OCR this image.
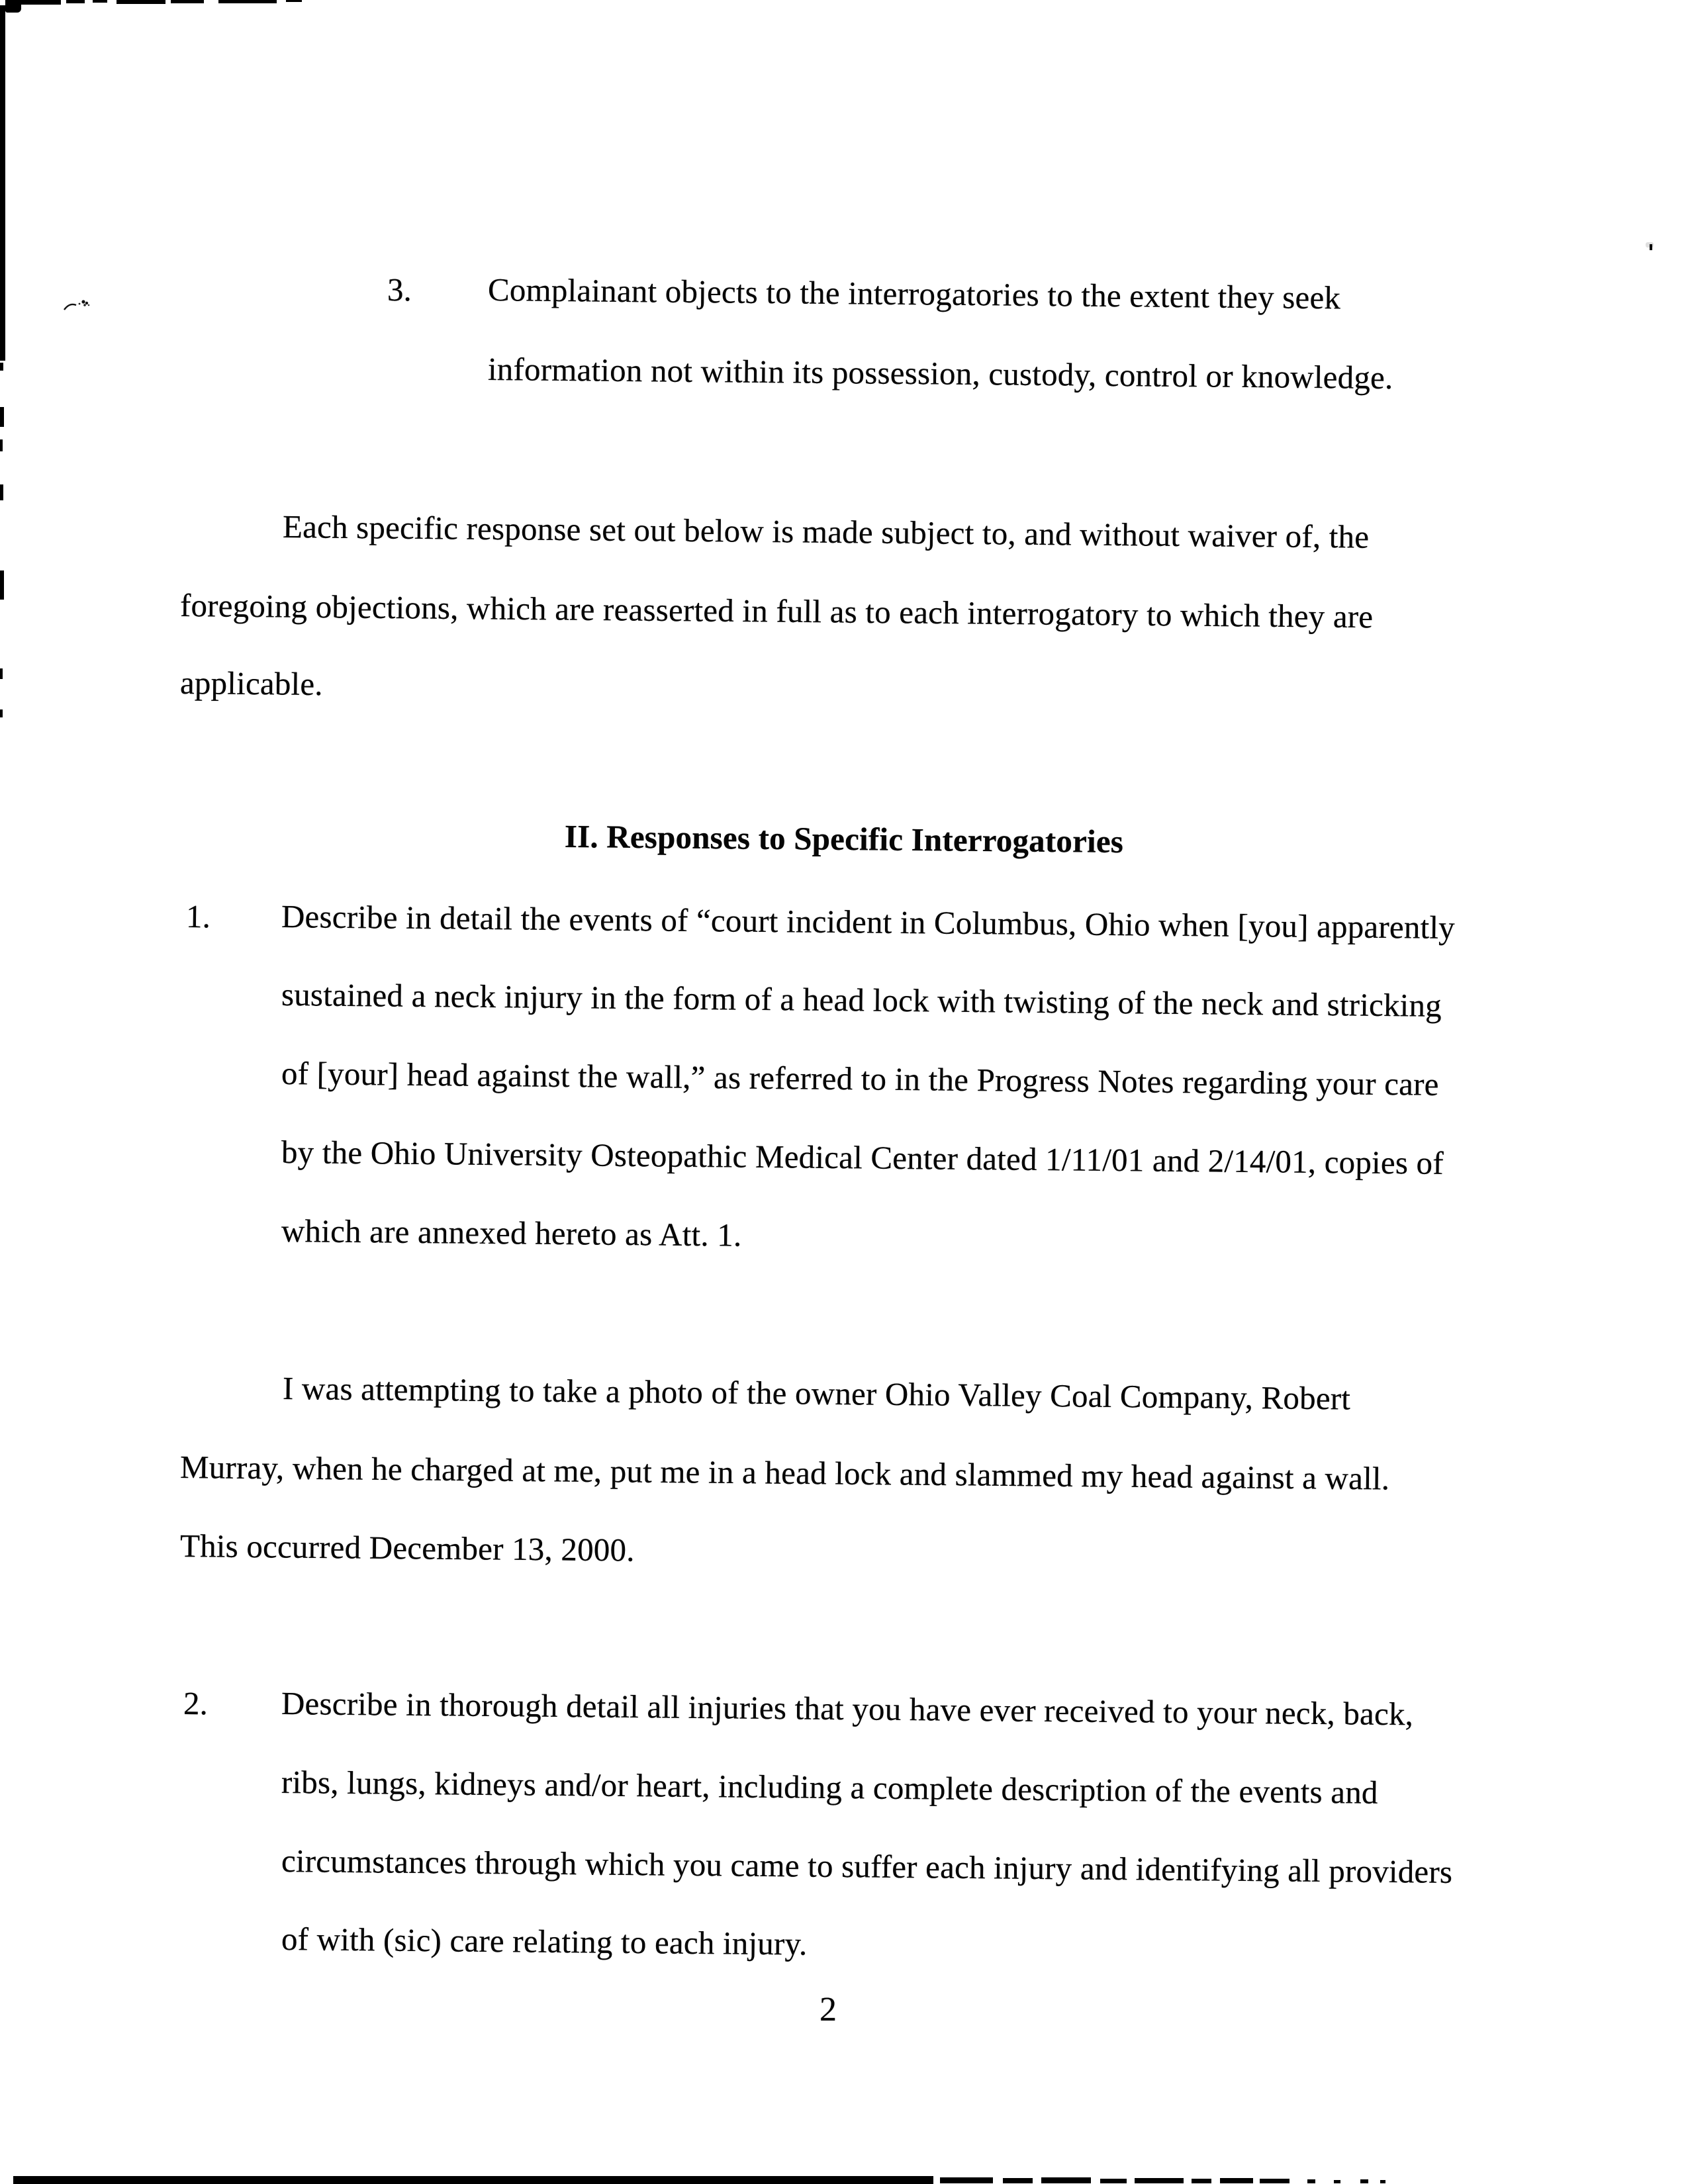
3. Complainant objects to the interrogatories to the extent they seek
information not within its possession, custody, control or knowledge.
Each specific response set out below is made subject to, and without waiver of, the
foregoing objections, which are reasserted in full as to each interrogatory to which they are
applicable.
II. Responses to Specific Interrogatories
1. Describe in detail the events of “court incident in Columbus, Ohio when [you] apparently
sustained a neck injury in the form of a head lock with twisting of the neck and stricking
of [your] head against the wall,” as referred to in the Progress Notes regarding your care
by the Ohio University Osteopathic Medical Center dated 1/11/01 and 2/14/01, copies of
which are annexed hereto as Att. 1.
I was attempting to take a photo of the owner Ohio Valley Coal Company, Robert
Murray, when he charged at me, put me in a head lock and slammed my head against a wall.
This occurred December 13, 2000.
2. Describe in thorough detail all injuries that you have ever received to your neck, back,
ribs, lungs, kidneys and/or heart, including a complete description of the events and
circumstances through which you came to suffer each injury and identifying all providers
of with (sic) care relating to each injury.
2
